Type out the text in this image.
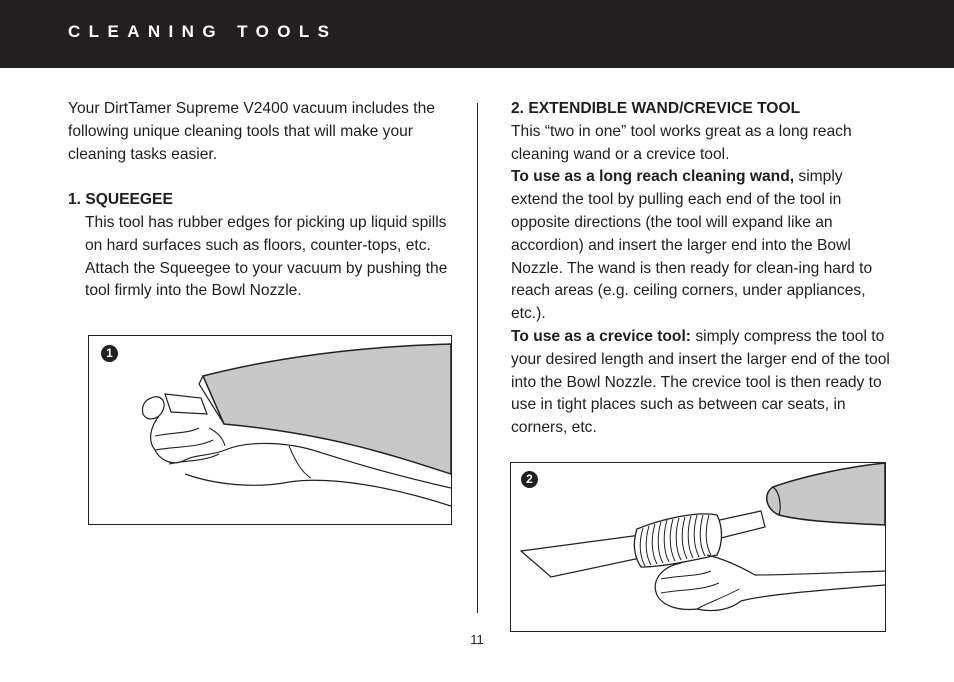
CLEANING TOOLS

Your DirtTamer Supreme V2400 vacuum includes the following unique cleaning tools that will make your cleaning tasks easier.

1. SQUEEGEE

This tool has rubber edges for picking up liquid spills on hard surfaces such as floors, counter-tops, etc. Attach the Squeegee to your vacuum by pushing the tool firmly into the Bowl Nozzle.

2. EXTENDIBLE WAND/CREVICE TOOL

This “two in one” tool works great as a long reach cleaning wand or a crevice tool.

To use as a long reach cleaning wand, simply extend the tool by pulling each end of the tool in opposite directions (the tool will expand like an accordion) and insert the larger end into the Bowl Nozzle. The wand is then ready for clean-ing hard to reach areas (e.g. ceiling corners, under appliances, etc.).

To use as a crevice tool: simply compress the tool to your desired length and insert the larger end of the tool into the Bowl Nozzle. The crevice tool is then ready to use in tight places such as between car seats, in corners, etc.

1
2
11
